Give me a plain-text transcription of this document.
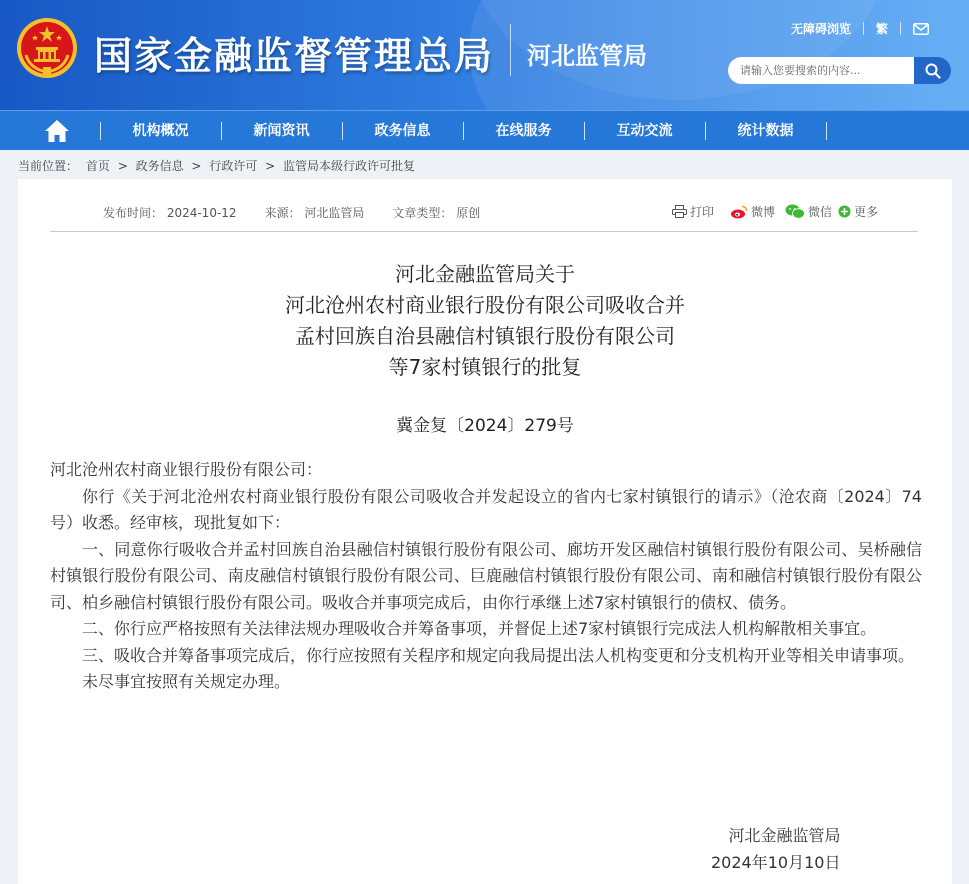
国家金融监督管理总局 河北监管局
无障碍浏览 繁
请输入您要搜索的内容...
机构概况	新闻资讯	政务信息	在线服务	互动交流	统计数据
当前位置： 首页 > 政务信息 > 行政许可 > 监管局本级行政许可批复
发布时间： 2024-10-12 来源： 河北监管局 文章类型： 原创	打印	微博	微信 更多
河北金融监管局关于
河北沧州农村商业银行股份有限公司吸收合并
孟村回族自治县融信村镇银行股份有限公司
等7家村镇银行的批复
冀金复〔2024〕279号

河北沧州农村商业银行股份有限公司：

你行《关于河北沧州农村商业银行股份有限公司吸收合并发起设立的省内七家村镇银行的请示》（沧农商〔2024〕74号）收悉。经审核，现批复如下：

一、同意你行吸收合并孟村回族自治县融信村镇银行股份有限公司、廊坊开发区融信村镇银行股份有限公司、吴桥融信村镇银行股份有限公司、南皮融信村镇银行股份有限公司、巨鹿融信村镇银行股份有限公司、南和融信村镇银行股份有限公司、柏乡融信村镇银行股份有限公司。吸收合并事项完成后，由你行承继上述7家村镇银行的债权、债务。

二、你行应严格按照有关法律法规办理吸收合并筹备事项，并督促上述7家村镇银行完成法人机构解散相关事宜。

三、吸收合并筹备事项完成后，你行应按照有关程序和规定向我局提出法人机构变更和分支机构开业等相关申请事项。

未尽事宜按照有关规定办理。

河北金融监管局
2024年10月10日
